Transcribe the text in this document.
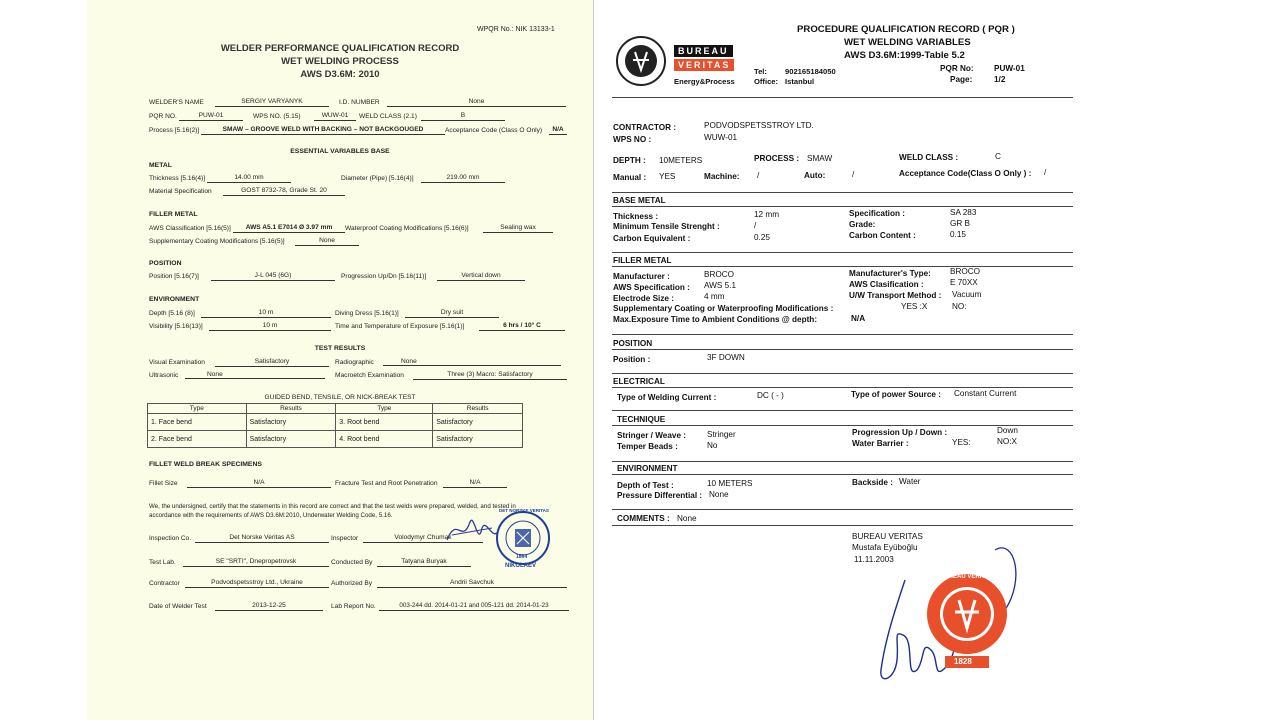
WPQR No.: NIK 13133-1
WELDER PERFORMANCE QUALIFICATION RECORD
WET WELDING PROCESS
AWS D3.6M: 2010
WELDER'S NAME	SERGIY VARYANYK	I.D. NUMBER	None
PQR NO.	PUW-01	WPS NO. (5.15)	WUW-01	WELD CLASS (2.1)	B
Process [5.16(2)]	SMAW – GROOVE WELD WITH BACKING – NOT BACKGOUGED	Acceptance Code (Class O Only)	N/A
ESSENTIAL VARIABLES BASE
METAL
Thickness [5.16(4)]	14.00 mm	Diameter (Pipe) [5.16(4)]	219.00 mm
Material Specification	GOST 8732-78, Grade St. 20
FILLER METAL
AWS Classification [5.16(5)]	AWS A5.1 E7014 Ø 3.97 mm	Waterproof Coating Modifications [5.16(6)]	Sealing wax
Supplementary Coating Modifications [5.16(5)]	None
POSITION
Position [5.16(7)]	J-L 045 (6G)	Progression Up/Dn [5.16(11)]	Vertical down
ENVIRONMENT
Depth [5.16 (8)]	10 m	Diving Dress [5.16(1)]	Dry suit
Visibility [5.16(13)]	10 m	Time and Temperature of Exposure [5.16(1)]	6 hrs / 10° C
TEST RESULTS
Visual Examination	Satisfactory	Radiographic	None
Ultrasonic	None	Macroetch Examination	Three (3) Macro: Satisfactory
GUIDED BEND, TENSILE, OR NICK-BREAK TEST
Type	Results	Type	Results
1. Face bend	Satisfactory	3. Root bend	Satisfactory
2. Face bend	Satisfactory	4. Root bend	Satisfactory
FILLET WELD BREAK SPECIMENS
Fillet Size	N/A	Fracture Test and Root Penetration	N/A
We, the undersigned, certify that the statements in this record are correct and that the test welds were prepared, welded, and tested in
accordance with the requirements of AWS D3.6M:2010, Underwater Welding Code, 5.16.
Inspection Co.	Det Norske Veritas AS	Inspector	Volodymyr Chumak
Test Lab.	SE "SRTI", Dnepropetrovsk	Conducted By	Tatyana Buryak
Contractor	Podvodspetsstroy Ltd., Ukraine	Authorized By	Andrii Savchuk
Date of Welder Test	2013-12-25	Lab Report No.	003-244 dd. 2014-01-21 and 005-121 dd. 2014-01-23
DET NORSKE VERITAS
1864
NIKOLAEV
BUREAU
VERITAS
Energy&Process
Tel: 902165184050
Office: Istanbul
PROCEDURE QUALIFICATION RECORD ( PQR )
WET WELDING VARIABLES
AWS D3.6M:1999-Table 5.2
PQR No: PUW-01
Page:	1/2
CONTRACTOR :	PODVODSPETSSTROY LTD.
WPS NO :	WUW-01
DEPTH : 10METERS	PROCESS : SMAW	WELD CLASS :	C
Manual : YES	Machine: /	Auto:	/	Acceptance Code(Class O Only ) : /
BASE METAL
Thickness :	12 mm
Minimum Tensile Strenght :	/
Carbon Equivalent :	0.25
Specification :	SA 283
Grade:	GR B
Carbon Content :	0.15
FILLER METAL
Manufacturer :	BROCO
AWS Specification : AWS 5.1
Electrode Size :	4 mm
Manufacturer's Type: BROCO
AWS Clasification :	E 70XX
U/W Transport Method : Vacuum
Supplementary Coating or Waterproofing Modifications :	YES :X	NO:
Max.Exposure Time to Ambient Conditions @ depth:	N/A
POSITION
Position :	3F DOWN
ELECTRICAL
Type of Welding Current :	DC ( - )	Type of power Source : Constant Current
TECHNIQUE
Stringer / Weave :	Stringer
Temper Beads :	No
Progression Up / Down :	Down
Water Barrier :	YES:	NO:X
ENVIRONMENT
Depth of Test :	10 METERS
Pressure Differential : None
Backside : Water
COMMENTS : None
BUREAU VERITAS
Mustafa Eyüboğlu
11.11.2003
BUREAU VERITAS
1828
